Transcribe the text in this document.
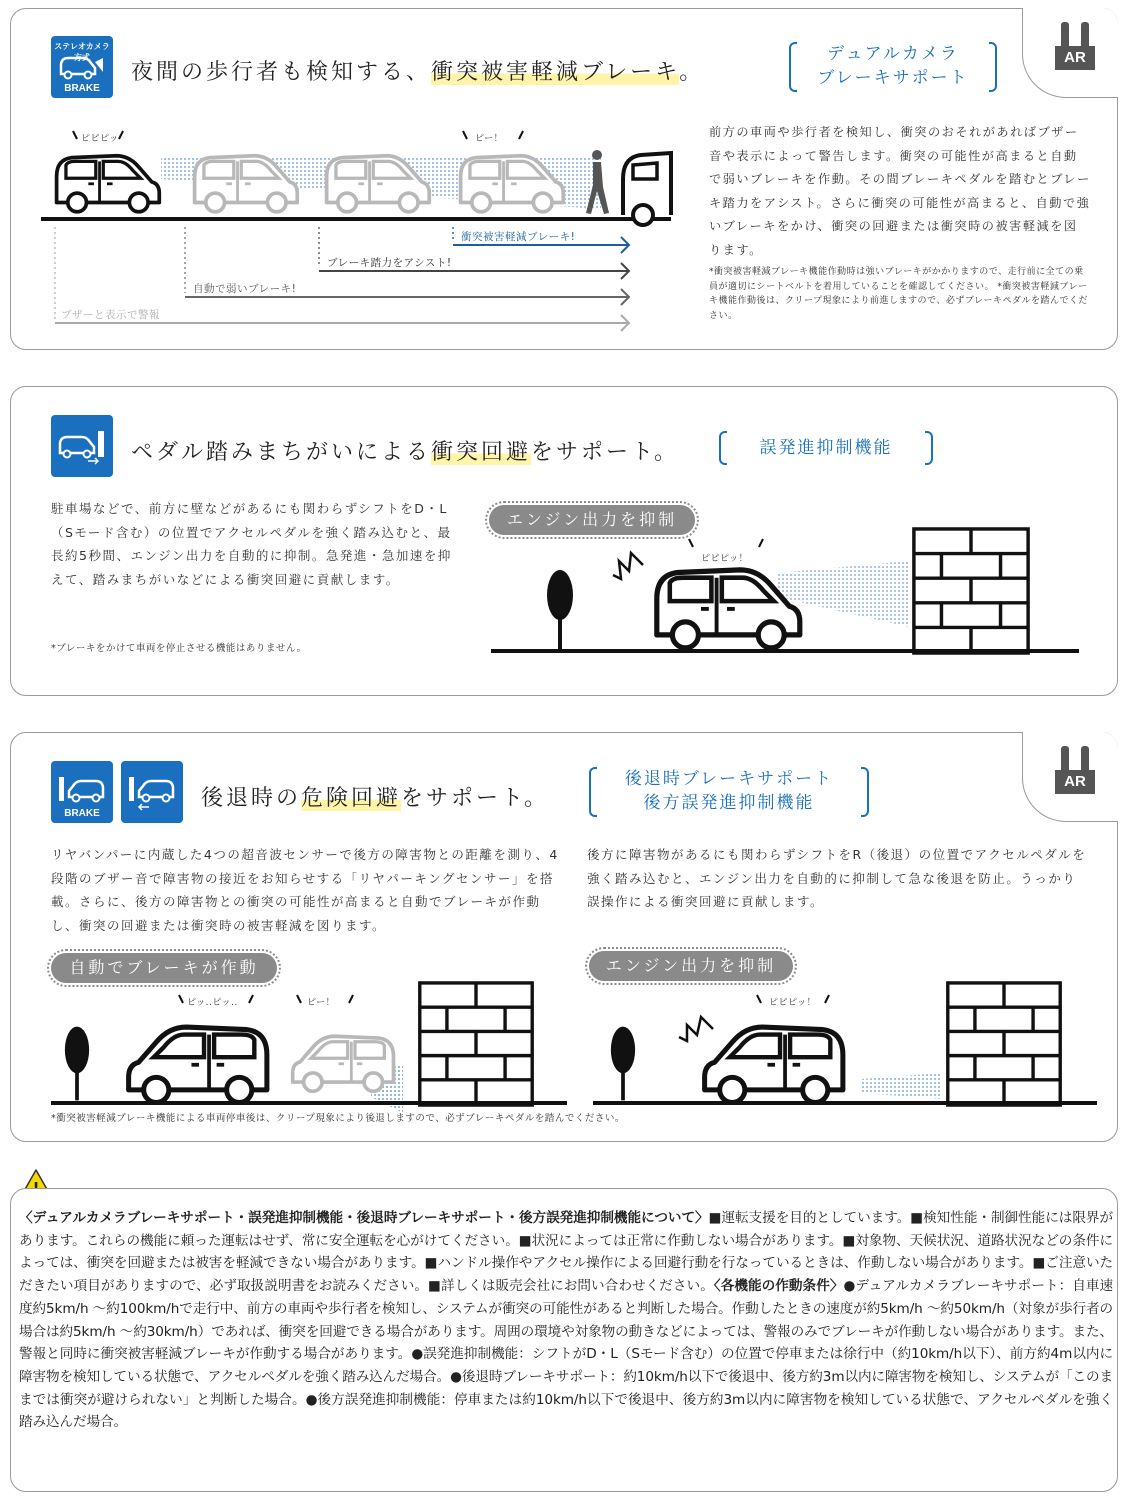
ステレオカメラ方式
BRAKE
夜間の歩行者も検知する、衝突被害軽減ブレーキ。
デュアルカメラ
ブレーキサポート
AR
ピピピッ	ピー！
衝突被害軽減ブレーキ!
ブレーキ踏力をアシスト!
自動で弱いブレーキ!
ブザーと表示で警報
前方の車両や歩行者を検知し、衝突のおそれがあればブザー音や表示によって警告します。衝突の可能性が高まると自動で弱いブレーキを作動。その間ブレーキペダルを踏むとブレーキ踏力をアシスト。さらに衝突の可能性が高まると、自動で強いブレーキをかけ、衝突の回避または衝突時の被害軽減を図ります。
*衝突被害軽減ブレーキ機能作動時は強いブレーキがかかりますので、走行前に全ての乗員が適切にシートベルトを着用していることを確認してください。 *衝突被害軽減ブレーキ機能作動後は、クリープ現象により前進しますので、必ずブレーキペダルを踏んでください。
ペダル踏みまちがいによる衝突回避をサポート。	誤発進抑制機能
駐車場などで、前方に壁などがあるにも関わらずシフトをD・L（Sモード含む）の位置でアクセルペダルを強く踏み込むと、最長約5秒間、エンジン出力を自動的に抑制。急発進・急加速を抑えて、踏みまちがいなどによる衝突回避に貢献します。
*ブレーキをかけて車両を停止させる機能はありません。
エンジン出力を抑制
ピピピッ！
BRAKE
後退時の危険回避をサポート。
後退時ブレーキサポート
後方誤発進抑制機能
AR
リヤバンパーに内蔵した4つの超音波センサーで後方の障害物との距離を測り、4段階のブザー音で障害物の接近をお知らせする「リヤパーキングセンサー」を搭載。さらに、後方の障害物との衝突の可能性が高まると自動でブレーキが作動し、衝突の回避または衝突時の被害軽減を図ります。
後方に障害物があるにも関わらずシフトをR（後退）の位置でアクセルペダルを強く踏み込むと、エンジン出力を自動的に抑制して急な後退を防止。うっかり誤操作による衝突回避に貢献します。
自動でブレーキが作動	エンジン出力を抑制
ピッ..ピッ..	ピー！	ピピピッ！
*衝突被害軽減ブレーキ機能による車両停車後は、クリープ現象により後退しますので、必ずブレーキペダルを踏んでください。
〈デュアルカメラブレーキサポート・誤発進抑制機能・後退時ブレーキサポート・後方誤発進抑制機能について〉■運転支援を目的としています。■検知性能・制御性能には限界があります。これらの機能に頼った運転はせず、常に安全運転を心がけてください。■状況によっては正常に作動しない場合があります。■対象物、天候状況、道路状況などの条件によっては、衝突を回避または被害を軽減できない場合があります。■ハンドル操作やアクセル操作による回避行動を行なっているときは、作動しない場合があります。■ご注意いただきたい項目がありますので、必ず取扱説明書をお読みください。■詳しくは販売会社にお問い合わせください。〈各機能の作動条件〉●デュアルカメラブレーキサポート：自車速度約5km/h ～約100km/hで走行中、前方の車両や歩行者を検知し、システムが衝突の可能性があると判断した場合。作動したときの速度が約5km/h ～約50km/h（対象が歩行者の場合は約5km/h ～約30km/h）であれば、衝突を回避できる場合があります。周囲の環境や対象物の動きなどによっては、警報のみでブレーキが作動しない場合があります。また、警報と同時に衝突被害軽減ブレーキが作動する場合があります。●誤発進抑制機能：シフトがD・L（Sモード含む）の位置で停車または徐行中（約10km/h以下）、前方約4m以内に障害物を検知している状態で、アクセルペダルを強く踏み込んだ場合。●後退時ブレーキサポート：約10km/h以下で後退中、後方約3m以内に障害物を検知し、システムが「このままでは衝突が避けられない」と判断した場合。●後方誤発進抑制機能：停車または約10km/h以下で後退中、後方約3m以内に障害物を検知している状態で、アクセルペダルを強く踏み込んだ場合。
